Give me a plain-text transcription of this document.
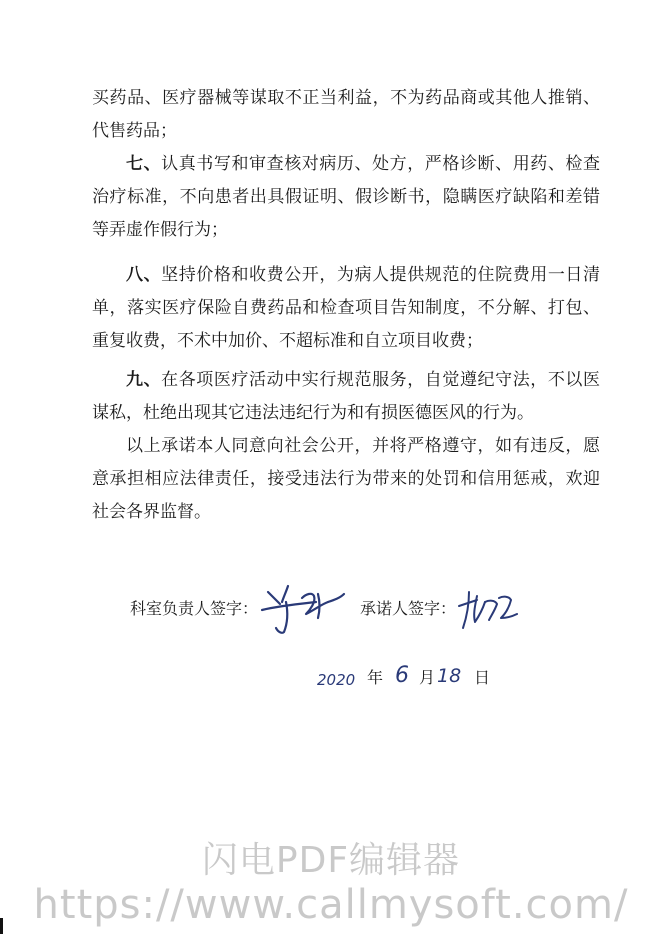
买药品、医疗器械等谋取不正当利益，不为药品商或其他人推销、代售药品；

七、认真书写和审查核对病历、处方，严格诊断、用药、检查治疗标准，不向患者出具假证明、假诊断书，隐瞒医疗缺陷和差错等弄虚作假行为；

八、坚持价格和收费公开，为病人提供规范的住院费用一日清单，落实医疗保险自费药品和检查项目告知制度，不分解、打包、重复收费，不术中加价、不超标准和自立项目收费；

九、在各项医疗活动中实行规范服务，自觉遵纪守法，不以医谋私，杜绝出现其它违法违纪行为和有损医德医风的行为。

以上承诺本人同意向社会公开，并将严格遵守，如有违反，愿意承担相应法律责任，接受违法行为带来的处罚和信用惩戒，欢迎社会各界监督。

科室负责人签字：	承诺人签字：
2020 年 6 月 18 日
闪电PDF编辑器
https://www.callmysoft.com/
